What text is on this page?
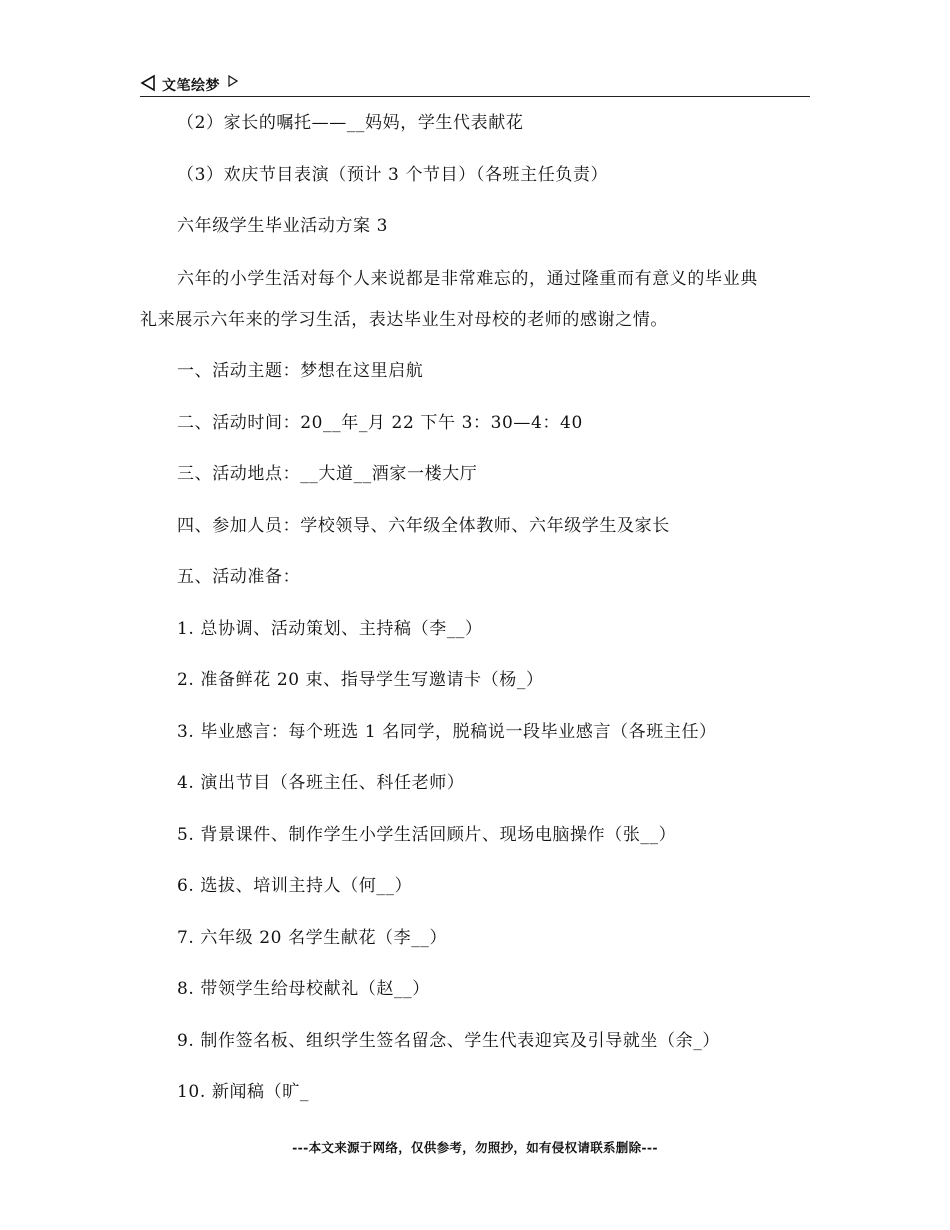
文笔绘梦
（2）家长的嘱托——__妈妈，学生代表献花
（3）欢庆节目表演（预计 3 个节目）（各班主任负责）
六年级学生毕业活动方案 3
六年的小学生活对每个人来说都是非常难忘的，通过隆重而有意义的毕业典
礼来展示六年来的学习生活，表达毕业生对母校的老师的感谢之情。
一、活动主题：梦想在这里启航
二、活动时间：20__年_月 22 下午 3：30—4：40
三、活动地点：__大道__酒家一楼大厅
四、参加人员：学校领导、六年级全体教师、六年级学生及家长
五、活动准备：
1. 总协调、活动策划、主持稿（李__）
2. 准备鲜花 20 束、指导学生写邀请卡（杨_）
3. 毕业感言：每个班选 1 名同学，脱稿说一段毕业感言（各班主任）
4. 演出节目（各班主任、科任老师）
5. 背景课件、制作学生小学生活回顾片、现场电脑操作（张__）
6. 选拔、培训主持人（何__）
7. 六年级 20 名学生献花（李__）
8. 带领学生给母校献礼（赵__）
9. 制作签名板、组织学生签名留念、学生代表迎宾及引导就坐（余_）
10. 新闻稿（旷_
---本文来源于网络，仅供参考，勿照抄，如有侵权请联系删除---
